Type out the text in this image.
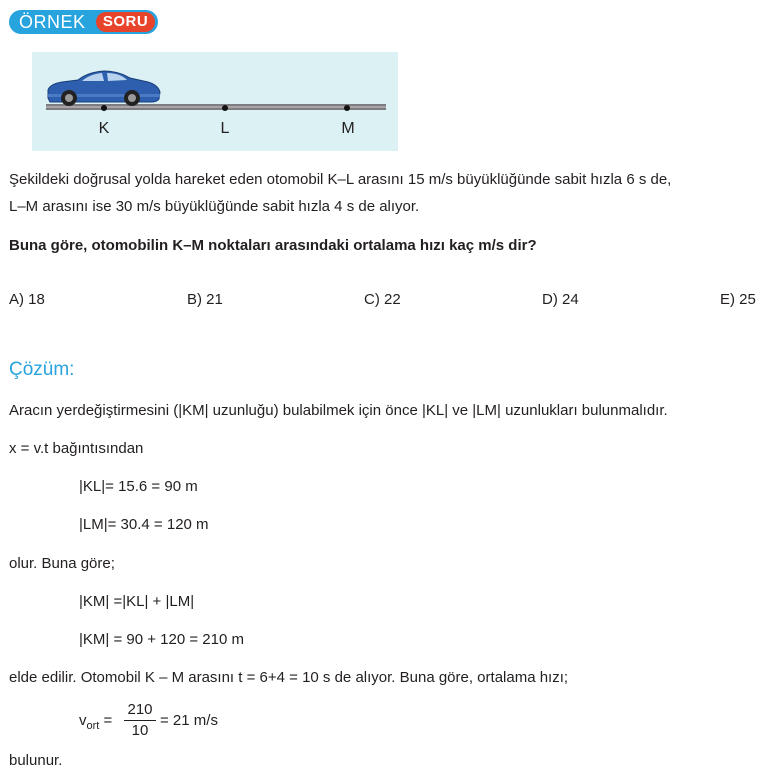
ÖRNEK	SORU
K	L	M
Şekildeki doğrusal yolda hareket eden otomobil K–L arasını 15 m/s büyüklüğünde sabit hızla 6 s de,
L–M arasını ise 30 m/s büyüklüğünde sabit hızla 4 s de alıyor.
Buna göre, otomobilin K–M noktaları arasındaki ortalama hızı kaç m/s dir?
A) 18	B) 21	C) 22	D) 24	E) 25
Çözüm:
Aracın yerdeğiştirmesini (|KM| uzunluğu) bulabilmek için önce |KL| ve |LM| uzunlukları bulunmalıdır.
x = v.t bağıntısından
|KL|= 15.6 = 90 m
|LM|= 30.4 = 120 m
olur. Buna göre;
|KM| =|KL| + |LM|
|KM| = 90 + 120 = 210 m
elde edilir. Otomobil K – M arasını t = 6+4 = 10 s de alıyor. Buna göre, ortalama hızı;
$v_{ort}$ =
210
10
= 21 m/s
bulunur.
